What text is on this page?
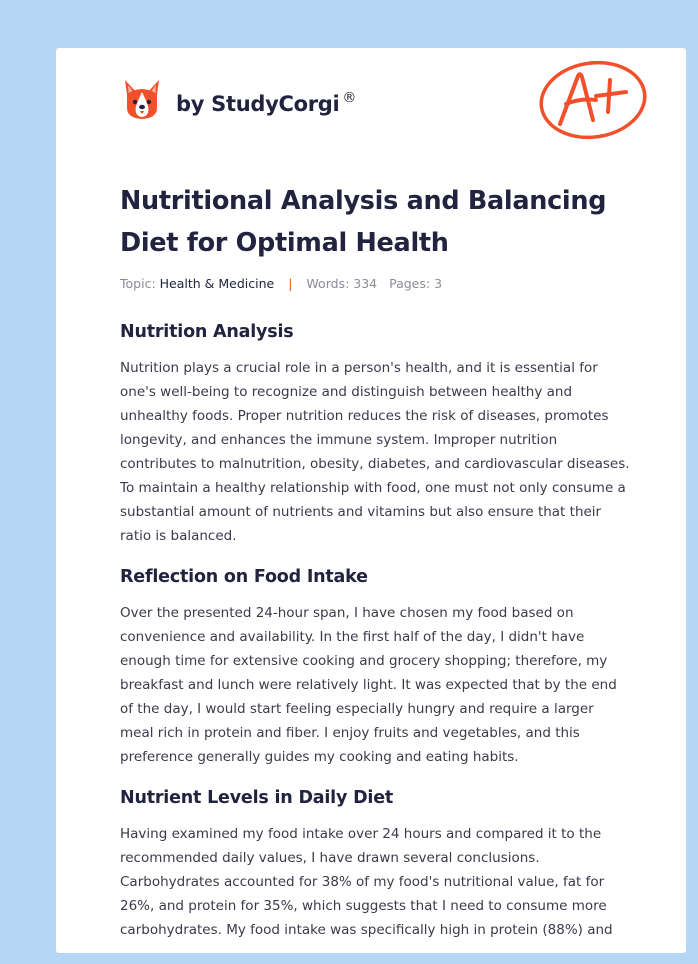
by StudyCorgi ®
Nutritional Analysis and Balancing Diet for Optimal Health
Topic: Health & Medicine | Words: 334 Pages: 3
Nutrition Analysis

Nutrition plays a crucial role in a person's health, and it is essential for one's well-being to recognize and distinguish between healthy and unhealthy foods. Proper nutrition reduces the risk of diseases, promotes longevity, and enhances the immune system. Improper nutrition contributes to malnutrition, obesity, diabetes, and cardiovascular diseases. To maintain a healthy relationship with food, one must not only consume a substantial amount of nutrients and vitamins but also ensure that their ratio is balanced.

Reflection on Food Intake

Over the presented 24-hour span, I have chosen my food based on convenience and availability. In the first half of the day, I didn't have enough time for extensive cooking and grocery shopping; therefore, my breakfast and lunch were relatively light. It was expected that by the end of the day, I would start feeling especially hungry and require a larger meal rich in protein and fiber. I enjoy fruits and vegetables, and this preference generally guides my cooking and eating habits.

Nutrient Levels in Daily Diet

Having examined my food intake over 24 hours and compared it to the recommended daily values, I have drawn several conclusions. Carbohydrates accounted for 38% of my food's nutritional value, fat for 26%, and protein for 35%, which suggests that I need to consume more carbohydrates. My food intake was specifically high in protein (88%) and
